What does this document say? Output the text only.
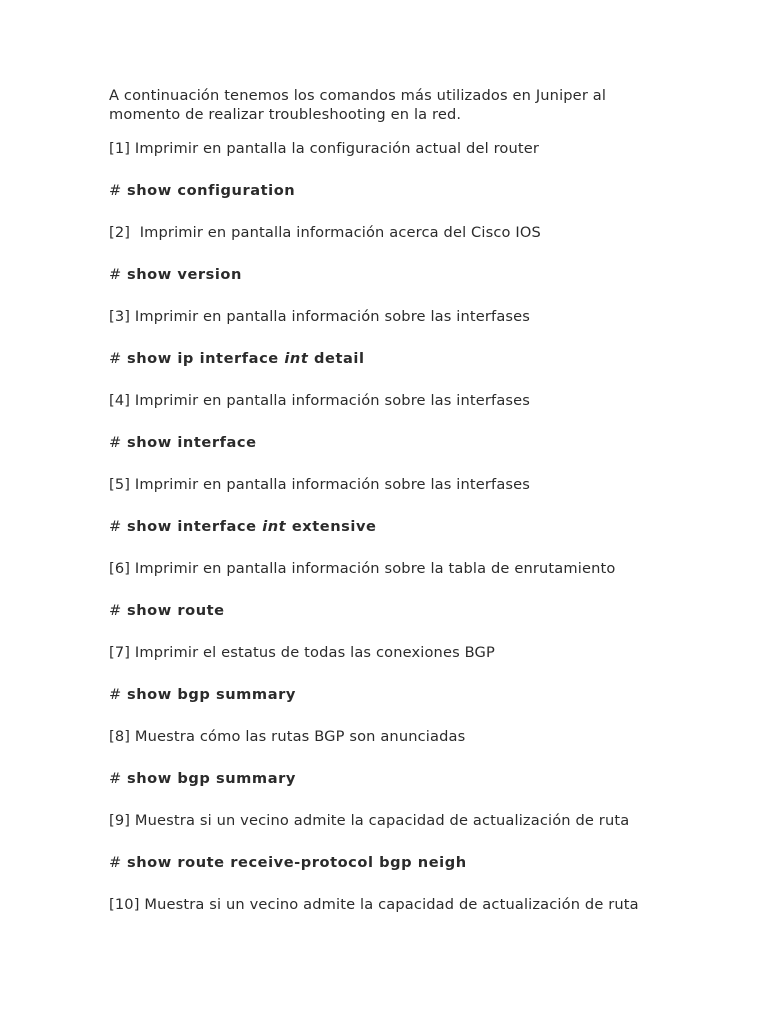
A continuación tenemos los comandos más utilizados en Juniper al
momento de realizar troubleshooting en la red.

[1] Imprimir en pantalla la configuración actual del router

# show configuration

[2]  Imprimir en pantalla información acerca del Cisco IOS

# show version

[3] Imprimir en pantalla información sobre las interfases

# show ip interface int detail

[4] Imprimir en pantalla información sobre las interfases

# show interface

[5] Imprimir en pantalla información sobre las interfases

# show interface int extensive

[6] Imprimir en pantalla información sobre la tabla de enrutamiento

# show route

[7] Imprimir el estatus de todas las conexiones BGP

# show bgp summary

[8] Muestra cómo las rutas BGP son anunciadas

# show bgp summary

[9] Muestra si un vecino admite la capacidad de actualización de ruta

# show route receive-protocol bgp neigh

[10] Muestra si un vecino admite la capacidad de actualización de ruta
